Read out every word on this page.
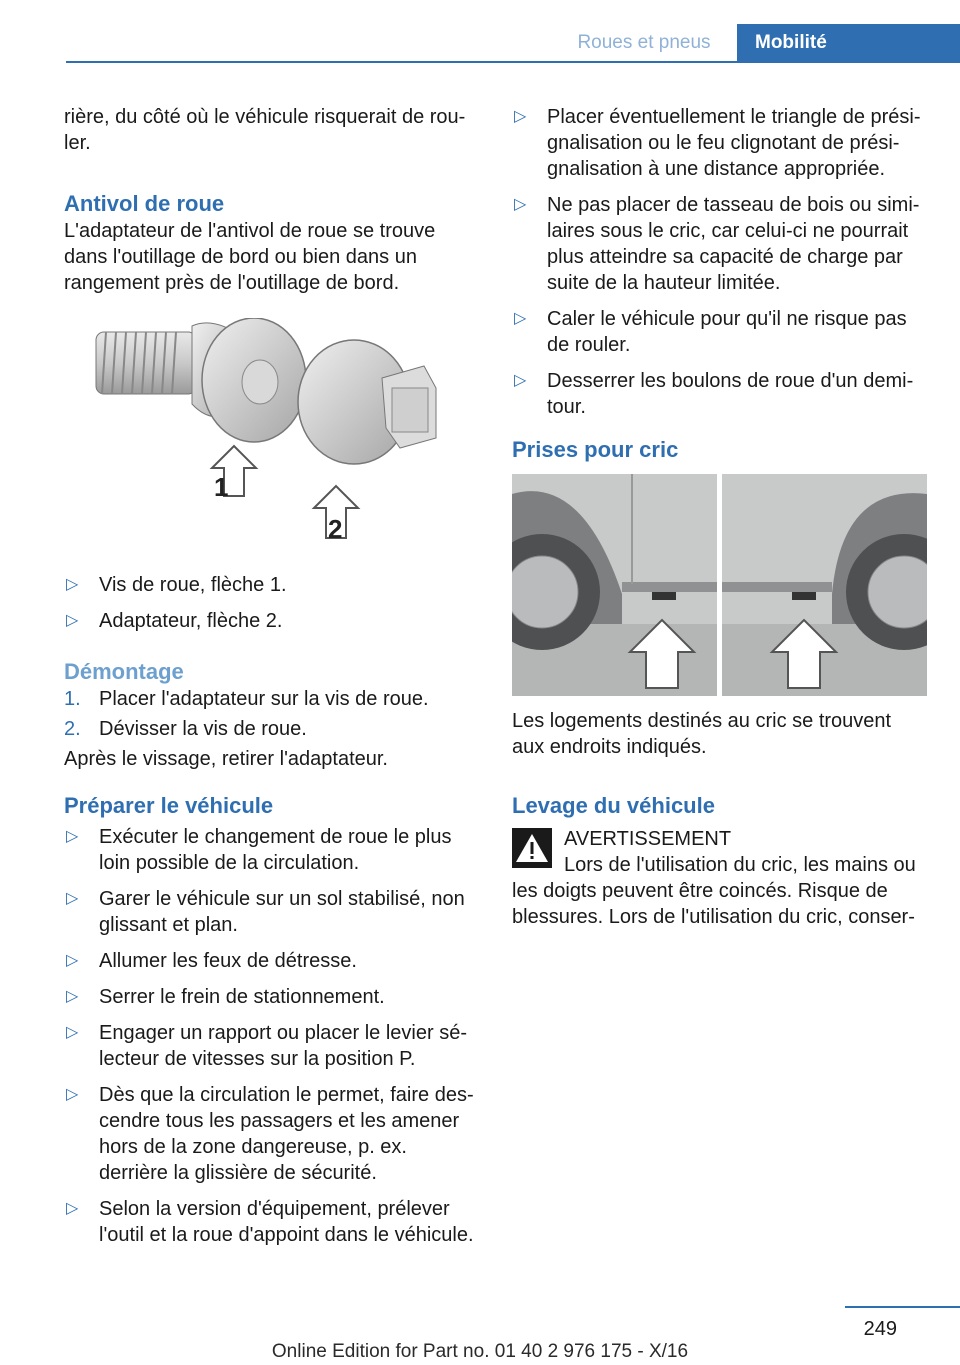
Roues et pneus	Mobilité

rière, du côté où le véhicule risquerait de rouler.

Antivol de roue

L'adaptateur de l'antivol de roue se trouve dans l'outillage de bord ou bien dans un rangement près de l'outillage de bord.

1
2
▷ Vis de roue, flèche 1.
▷ Adaptateur, flèche 2.
Démontage
1. Placer l'adaptateur sur la vis de roue.
2. Dévisser la vis de roue.

Après le vissage, retirer l'adaptateur.

Préparer le véhicule
▷ Exécuter le changement de roue le plus loin possible de la circulation.
▷ Garer le véhicule sur un sol stabilisé, non glissant et plan.
▷ Allumer les feux de détresse.
▷ Serrer le frein de stationnement.
▷ Engager un rapport ou placer le levier sélecteur de vitesses sur la position P.
▷ Dès que la circulation le permet, faire descendre tous les passagers et les amener hors de la zone dangereuse, p. ex. derrière la glissière de sécurité.
▷ Selon la version d'équipement, prélever l'outil et la roue d'appoint dans le véhicule.
▷ Placer éventuellement le triangle de présignalisation ou le feu clignotant de présignalisation à une distance appropriée.
▷ Ne pas placer de tasseau de bois ou similaires sous le cric, car celui-ci ne pourrait plus atteindre sa capacité de charge par suite de la hauteur limitée.
▷ Caler le véhicule pour qu'il ne risque pas de rouler.
▷ Desserrer les boulons de roue d'un demi-tour.
Prises pour cric

Les logements destinés au cric se trouvent aux endroits indiqués.

Levage du véhicule

AVERTISSEMENT

Lors de l'utilisation du cric, les mains ou les doigts peuvent être coincés. Risque de blessures. Lors de l'utilisation du cric, conser-

249
Online Edition for Part no. 01 40 2 976 175 - X/16
